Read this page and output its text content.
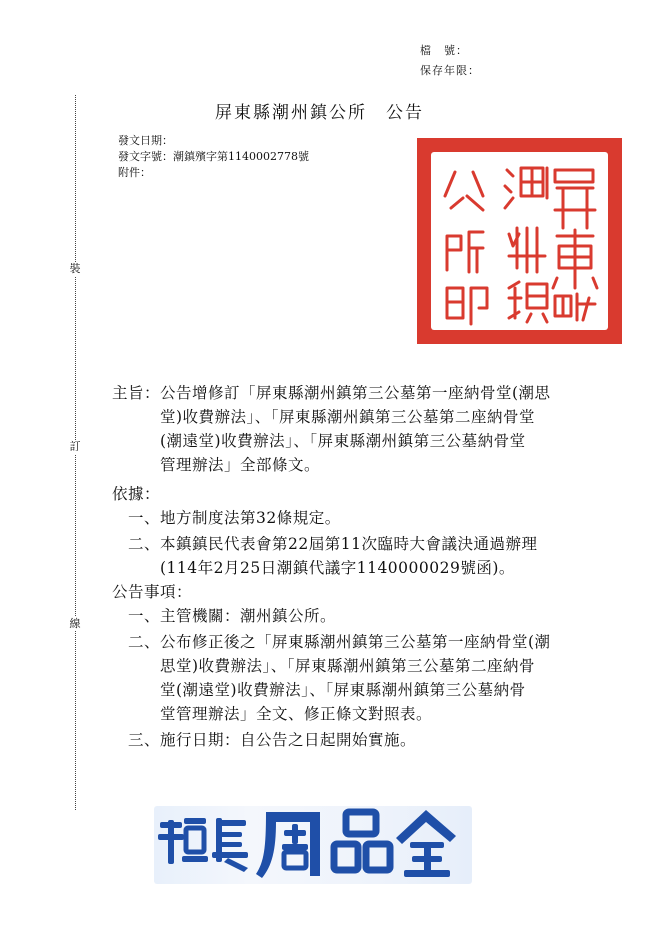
檔　號：
保存年限：
裝
訂
線
屏東縣潮州鎮公所　公告
發文日期：
發文字號：潮鎮殯字第1140002778號
附件：
主旨：公告增修訂「屏東縣潮州鎮第三公墓第一座納骨堂(潮思
　　　堂)收費辦法」、「屏東縣潮州鎮第三公墓第二座納骨堂
　　　(潮遠堂)收費辦法」、「屏東縣潮州鎮第三公墓納骨堂
　　　管理辦法」全部條文。
依據：
　一、地方制度法第32條規定。
　二、本鎮鎮民代表會第22屆第11次臨時大會議決通過辦理
　　　(114年2月25日潮鎮代議字1140000029號函)。
公告事項：
　一、主管機關：潮州鎮公所。
　二、公布修正後之「屏東縣潮州鎮第三公墓第一座納骨堂(潮
　　　思堂)收費辦法」、「屏東縣潮州鎮第三公墓第二座納骨
　　　堂(潮遠堂)收費辦法」、「屏東縣潮州鎮第三公墓納骨
　　　堂管理辦法」全文、修正條文對照表。
　三、施行日期：自公告之日起開始實施。
